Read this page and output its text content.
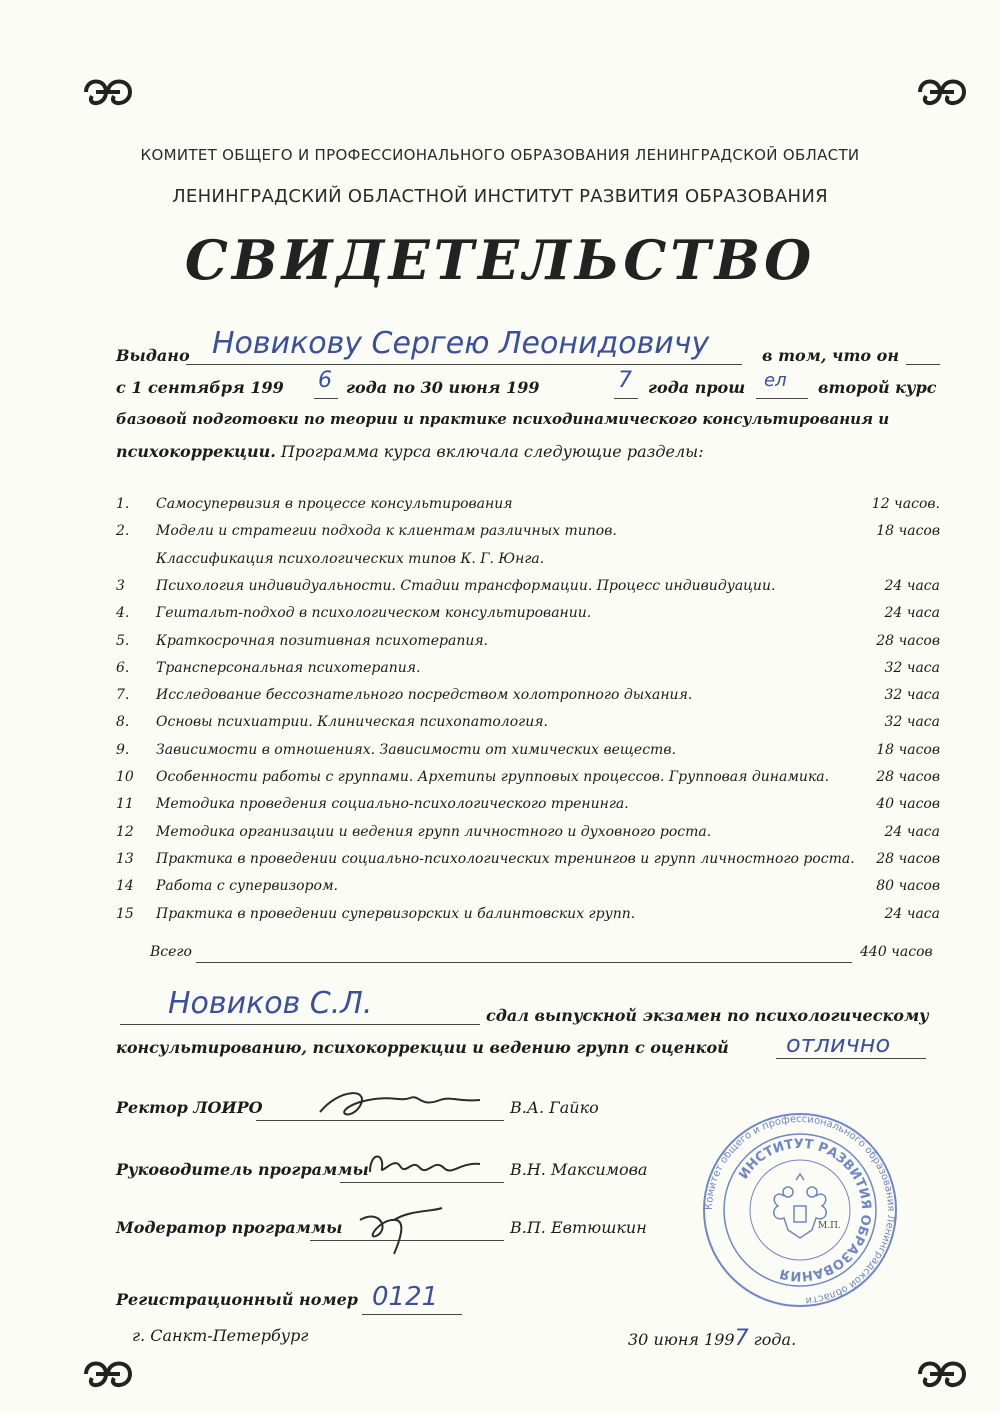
КОМИТЕТ ОБЩЕГО И ПРОФЕССИОНАЛЬНОГО ОБРАЗОВАНИЯ ЛЕНИНГРАДСКОЙ ОБЛАСТИ
ЛЕНИНГРАДСКИЙ ОБЛАСТНОЙ ИНСТИТУТ РАЗВИТИЯ ОБРАЗОВАНИЯ
СВИДЕТЕЛЬСТВО
Выдано Новикову Сергею Леонидовичу	в том, что он
с 1 сентября 199 6 года по 30 июня 199	7 года прош ел второй курс
базовой подготовки по теории и практике психодинамического консультирования и
психокоррекции. Программа курса включала следующие разделы:
1. Самосупервизия в процессе консультирования	12 часов.
2. Модели и стратегии подхода к клиентам различных типов.	18 часов
Классификация психологических типов К. Г. Юнга.
3 Психология индивидуальности. Стадии трансформации. Процесс индивидуации.	24 часа
4. Гештальт-подход в психологическом консультировании.	24 часа
5. Краткосрочная позитивная психотерапия.	28 часов
6. Трансперсональная психотерапия.	32 часа
7. Исследование бессознательного посредством холотропного дыхания.	32 часа
8. Основы психиатрии. Клиническая психопатология.	32 часа
9. Зависимости в отношениях. Зависимости от химических веществ.	18 часов
10 Особенности работы с группами. Архетипы групповых процессов. Групповая динамика.	28 часов
11 Методика проведения социально-психологического тренинга.	40 часов
12 Методика организации и ведения групп личностного и духовного роста.	24 часа
13 Практика в проведении социально-психологических тренингов и групп личностного роста.	28 часов
14 Работа с супервизором.	80 часов
15 Практика в проведении супервизорских и балинтовских групп.	24 часа
Всего	440 часов
Новиков С.Л.	сдал выпускной экзамен по психологическому
консультированию, психокоррекции и ведению групп с оценкой отлично
Ректор ЛОИРО	В.А. Гайко
Руководитель программы	В.Н. Максимова
Модератор программы	В.П. Евтюшкин
Комитет общего и профессионального образования Ленинградской области
ИНСТИТУТ РАЗВИТИЯ ОБРАЗОВАНИЯ
М.П.
Регистрационный номер 0121
г. Санкт-Петербург	30 июня 1997 года.
